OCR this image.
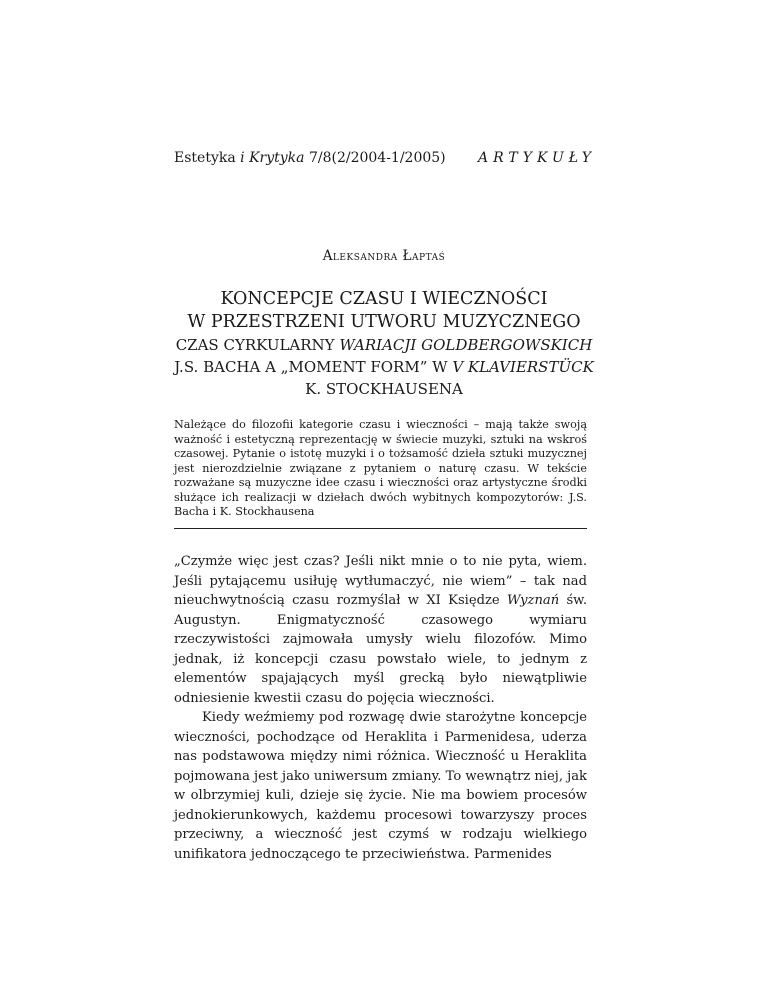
Estetyka i Krytyka 7/8(2/2004-1/2005) ARTYKUŁY
Aleksandra Łaptaś
KONCEPCJE CZASU I WIECZNOŚCI
W PRZESTRZENI UTWORU MUZYCZNEGO
CZAS CYRKULARNY WARIACJI GOLDBERGOWSKICH
J.S. BACHA A „MOMENT FORM” W V KLAVIERSTÜCK
K. STOCKHAUSENA
Należące do filozofii kategorie czasu i wieczności – mają także swoją ważność i estetyczną reprezentację w świecie muzyki, sztuki na wskroś czasowej. Pytanie o istotę muzyki i o tożsamość dzieła sztuki muzycznej jest nierozdzielnie związane z pytaniem o naturę czasu. W tekście rozważane są muzyczne idee czasu i wieczności oraz artystyczne środki służące ich realizacji w dziełach dwóch wybitnych kompozytorów: J.S. Bacha i K. Stockhausena

„Czymże więc jest czas? Jeśli nikt mnie o to nie pyta, wiem. Jeśli pytającemu usiłuję wytłumaczyć, nie wiem” – tak nad nieuchwytnością czasu rozmyślał w XI Księdze Wyznań św. Augustyn. Enigmatyczność czasowego wymiaru rzeczywistości zajmowała umysły wielu filozofów. Mimo jednak, iż koncepcji czasu powstało wiele, to jednym z elementów spajających myśl grecką było niewątpliwie odniesienie kwestii czasu do pojęcia wieczności.

Kiedy weźmiemy pod rozwagę dwie starożytne koncepcje wieczności, pochodzące od Heraklita i Parmenidesa, uderza nas podstawowa między nimi różnica. Wieczność u Heraklita pojmowana jest jako uniwersum zmiany. To wewnątrz niej, jak w olbrzymiej kuli, dzieje się życie. Nie ma bowiem procesów jednokierunkowych, każdemu procesowi towarzyszy proces przeciwny, a wieczność jest czymś w rodzaju wielkiego unifikatora jednoczącego te przeciwieństwa. Parmenides
